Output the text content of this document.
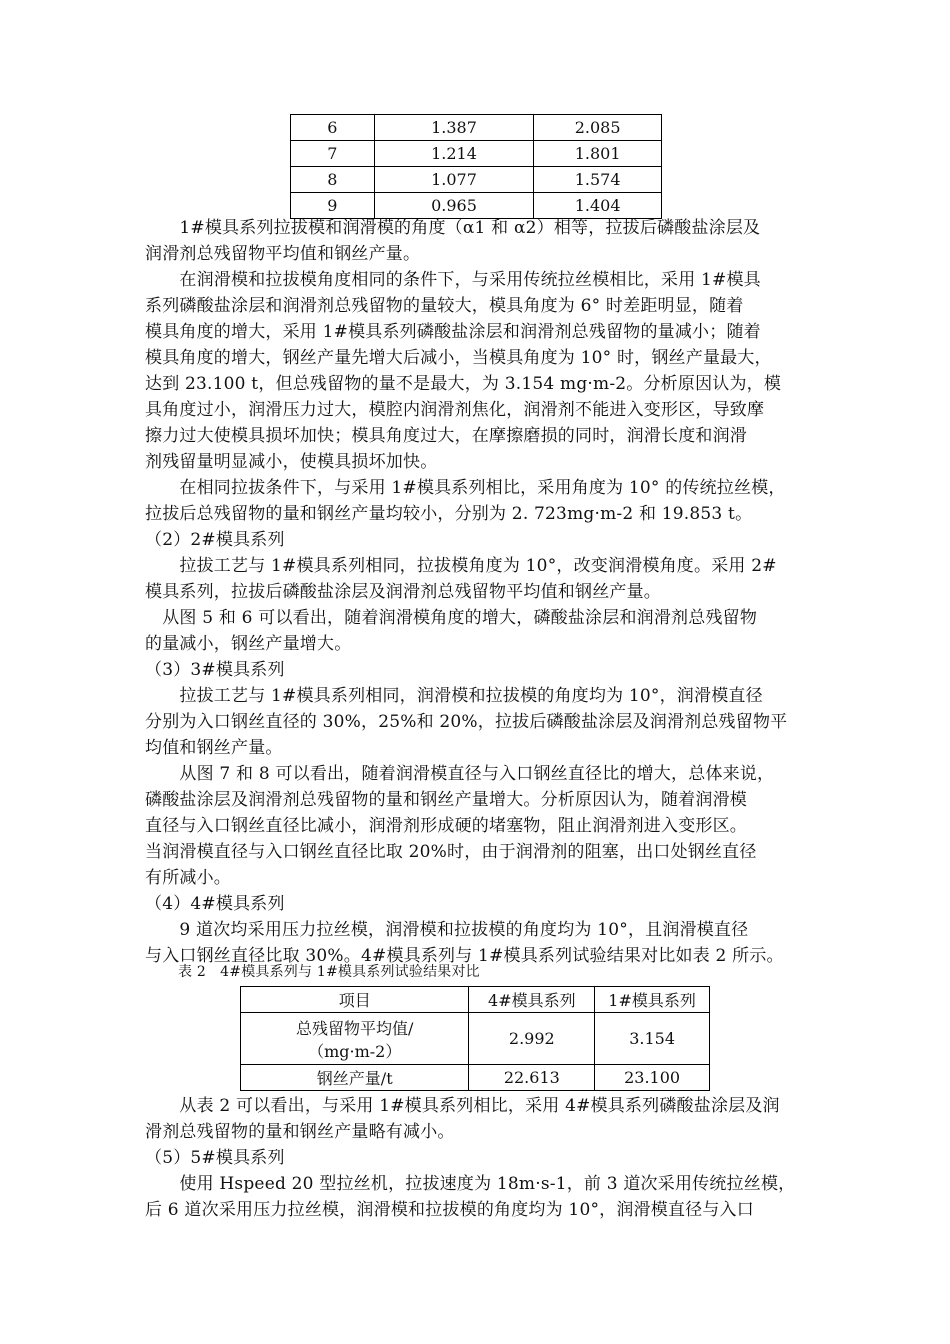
6	1.387	2.085
7	1.214	1.801
8	1.077	1.574
9	0.965	1.404
　　1#模具系列拉拔模和润滑模的角度（α1 和 α2）相等，拉拔后磷酸盐涂层及
润滑剂总残留物平均值和钢丝产量。
　　在润滑模和拉拔模角度相同的条件下，与采用传统拉丝模相比，采用 1#模具
系列磷酸盐涂层和润滑剂总残留物的量较大，模具角度为 6° 时差距明显，随着
模具角度的增大，采用 1#模具系列磷酸盐涂层和润滑剂总残留物的量减小；随着
模具角度的增大，钢丝产量先增大后减小，当模具角度为 10° 时，钢丝产量最大，
达到 23.100 t，但总残留物的量不是最大，为 3.154 mg·m-2。分析原因认为，模
具角度过小，润滑压力过大，模腔内润滑剂焦化，润滑剂不能进入变形区，导致摩
擦力过大使模具损坏加快；模具角度过大，在摩擦磨损的同时，润滑长度和润滑
剂残留量明显减小，使模具损坏加快。
　　在相同拉拔条件下，与采用 1#模具系列相比，采用角度为 10° 的传统拉丝模，
拉拔后总残留物的量和钢丝产量均较小，分别为 2. 723mg·m-2 和 19.853 t。
（2）2#模具系列
　　拉拔工艺与 1#模具系列相同，拉拔模角度为 10°，改变润滑模角度。采用 2#
模具系列，拉拔后磷酸盐涂层及润滑剂总残留物平均值和钢丝产量。
　从图 5 和 6 可以看出，随着润滑模角度的增大，磷酸盐涂层和润滑剂总残留物
的量减小，钢丝产量增大。
（3）3#模具系列
　　拉拔工艺与 1#模具系列相同，润滑模和拉拔模的角度均为 10°，润滑模直径
分别为入口钢丝直径的 30%，25%和 20%，拉拔后磷酸盐涂层及润滑剂总残留物平
均值和钢丝产量。
　　从图 7 和 8 可以看出，随着润滑模直径与入口钢丝直径比的增大，总体来说，
磷酸盐涂层及润滑剂总残留物的量和钢丝产量增大。分析原因认为，随着润滑模
直径与入口钢丝直径比减小，润滑剂形成硬的堵塞物，阻止润滑剂进入变形区。
当润滑模直径与入口钢丝直径比取 20%时，由于润滑剂的阻塞，出口处钢丝直径
有所减小。
（4）4#模具系列
　　9 道次均采用压力拉丝模，润滑模和拉拔模的角度均为 10°，且润滑模直径
与入口钢丝直径比取 30%。4#模具系列与 1#模具系列试验结果对比如表 2 所示。
表 2　4#模具系列与 1#模具系列试验结果对比
项目	4#模具系列	1#模具系列

总残留物平均值/
（mg·m-2）	2.992	3.154
钢丝产量/t	22.613	23.100
　　从表 2 可以看出，与采用 1#模具系列相比，采用 4#模具系列磷酸盐涂层及润
滑剂总残留物的量和钢丝产量略有减小。
（5）5#模具系列
　　使用 Hspeed 20 型拉丝机，拉拔速度为 18m·s-1，前 3 道次采用传统拉丝模，
后 6 道次采用压力拉丝模，润滑模和拉拔模的角度均为 10°，润滑模直径与入口
